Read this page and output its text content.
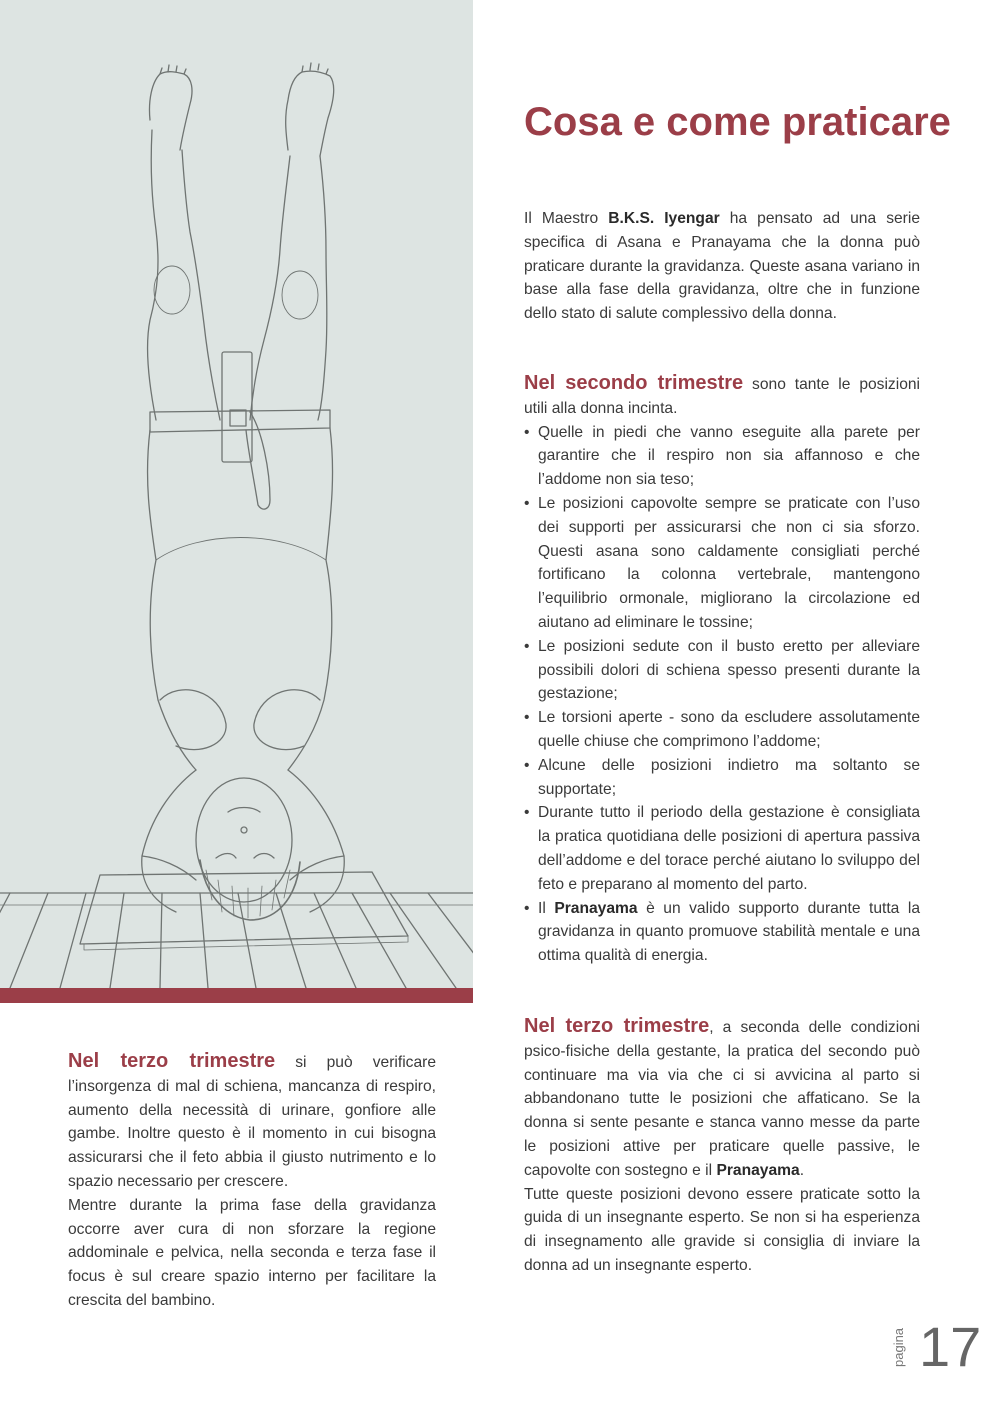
Cosa e come praticare

Il Maestro B.K.S. Iyengar ha pensato ad una serie specifica di Asana e Pranayama che la donna può praticare durante la gravidanza. Queste asana variano in base alla fase della gravidanza, oltre che in funzione dello stato di salute complessivo della donna.

Nel secondo trimestre sono tante le posizioni utili alla donna incinta.

• Quelle in piedi che vanno eseguite alla parete per garantire che il respiro non sia affannoso e che l’addome non sia teso;
• Le posizioni capovolte sempre se praticate con l’uso dei supporti per assicurarsi che non ci sia sforzo. Questi asana sono caldamente consigliati perché fortificano la colonna vertebrale, mantengono l’equilibrio ormonale, migliorano la circolazione ed aiutano ad eliminare le tossine;
• Le posizioni sedute con il busto eretto per alleviare possibili dolori di schiena spesso presenti durante la gestazione;
• Le torsioni aperte - sono da escludere assolutamente quelle chiuse che comprimono l’addome;
• Alcune delle posizioni indietro ma soltanto se supportate;
• Durante tutto il periodo della gestazione è consigliata la pratica quotidiana delle posizioni di apertura passiva dell’addome e del torace perché aiutano lo sviluppo del feto e preparano al momento del parto.
• Il Pranayama è un valido supporto durante tutta la gravidanza in quanto promuove stabilità mentale e una ottima qualità di energia.

Nel terzo trimestre, a seconda delle condizioni psico-fisiche della gestante, la pratica del secondo può continuare ma via via che ci si avvicina al parto si abbandonano tutte le posizioni che affaticano. Se la donna si sente pesante e stanca vanno messe da parte le posizioni attive per praticare quelle passive, le capovolte con sostegno e il Pranayama.

Tutte queste posizioni devono essere praticate sotto la guida di un insegnante esperto. Se non si ha esperienza di insegnamento alle gravide si consiglia di inviare la donna ad un insegnante esperto.

Nel terzo trimestre si può verificare l’insorgenza di mal di schiena, mancanza di respiro, aumento della necessità di urinare, gonfiore alle gambe. Inoltre questo è il momento in cui bisogna assicurarsi che il feto abbia il giusto nutrimento e lo spazio necessario per crescere.

Mentre durante la prima fase della gravidanza occorre aver cura di non sforzare la regione addominale e pelvica, nella seconda e terza fase il focus è sul creare spazio interno per facilitare la crescita del bambino.

pagina 17
